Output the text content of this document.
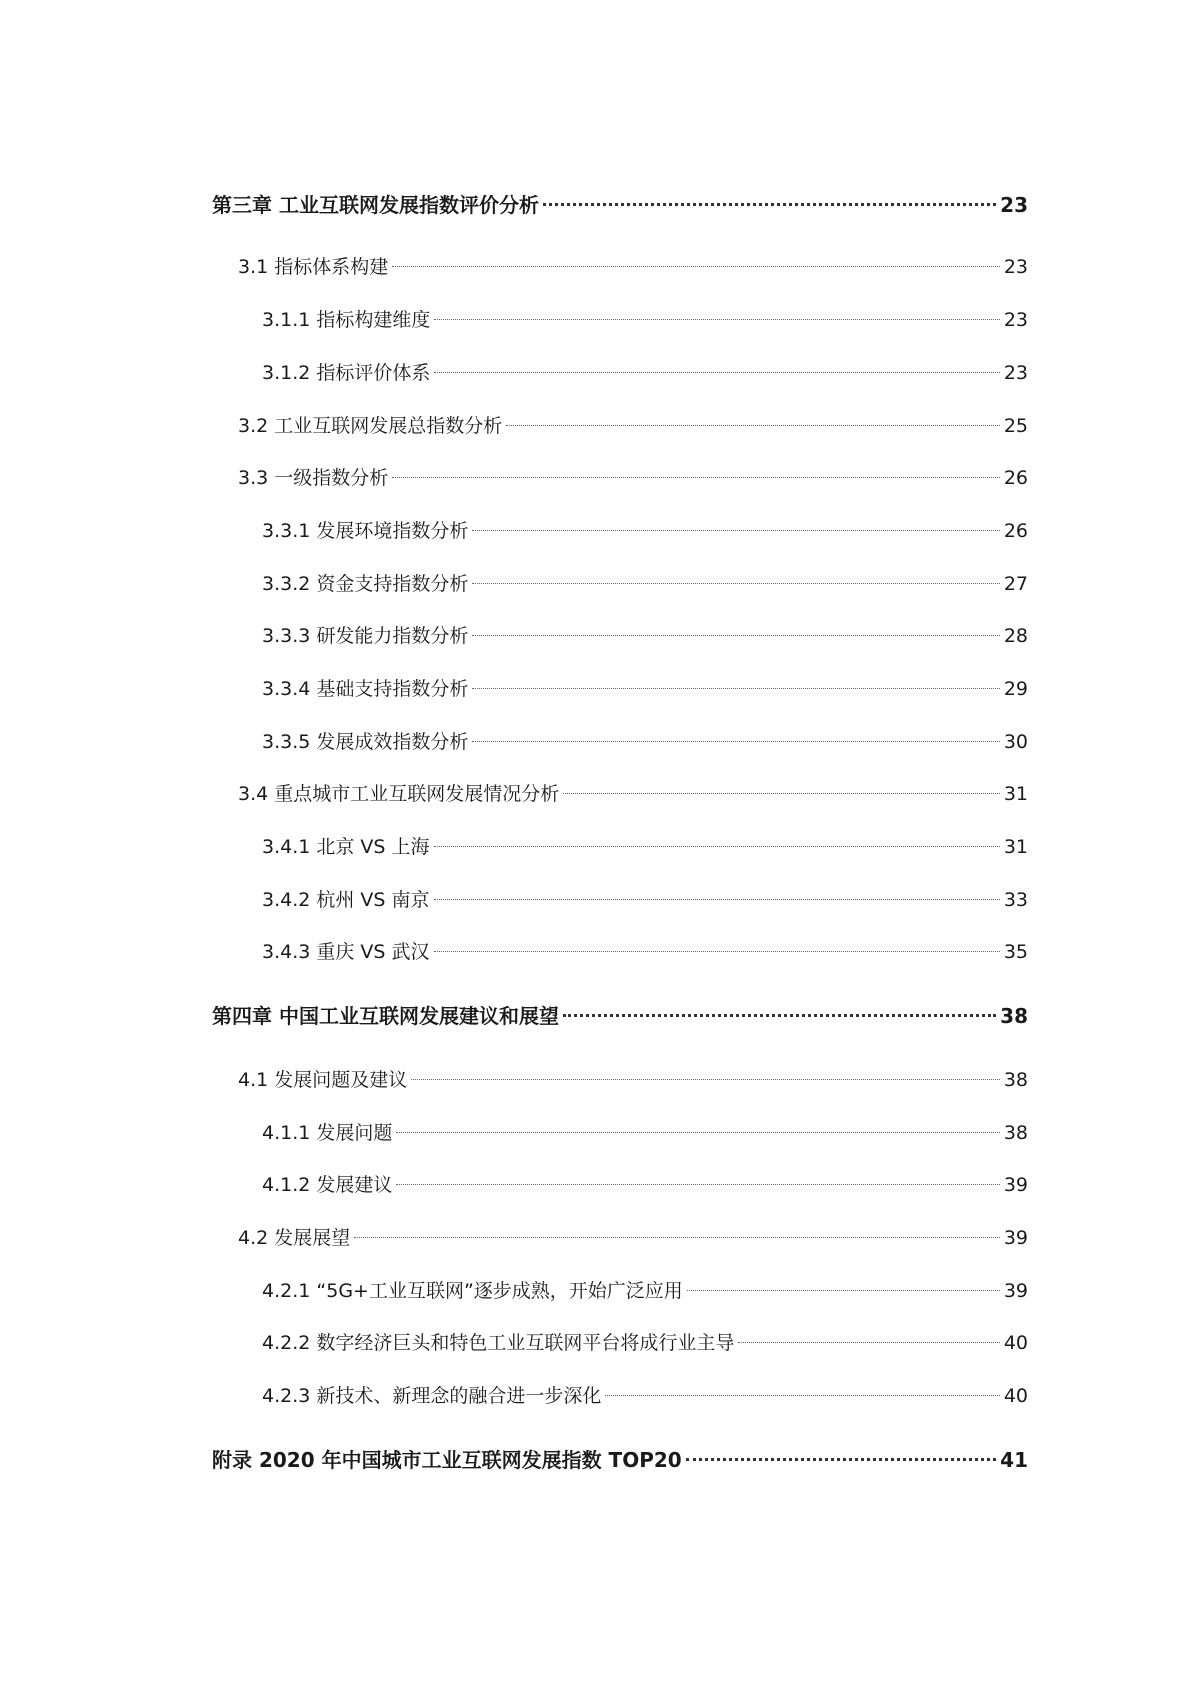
第三章 工业互联网发展指数评价分析	23
3.1 指标体系构建	23
3.1.1 指标构建维度	23
3.1.2 指标评价体系	23
3.2 工业互联网发展总指数分析	25
3.3 一级指数分析	26
3.3.1 发展环境指数分析	26
3.3.2 资金支持指数分析	27
3.3.3 研发能力指数分析	28
3.3.4 基础支持指数分析	29
3.3.5 发展成效指数分析	30
3.4 重点城市工业互联网发展情况分析	31
3.4.1 北京 VS 上海	31
3.4.2 杭州 VS 南京	33
3.4.3 重庆 VS 武汉	35
第四章 中国工业互联网发展建议和展望	38
4.1 发展问题及建议	38
4.1.1 发展问题	38
4.1.2 发展建议	39
4.2 发展展望	39
4.2.1 “5G+工业互联网”逐步成熟，开始广泛应用	39
4.2.2 数字经济巨头和特色工业互联网平台将成行业主导	40
4.2.3 新技术、新理念的融合进一步深化	40
附录 2020 年中国城市工业互联网发展指数 TOP20	41
